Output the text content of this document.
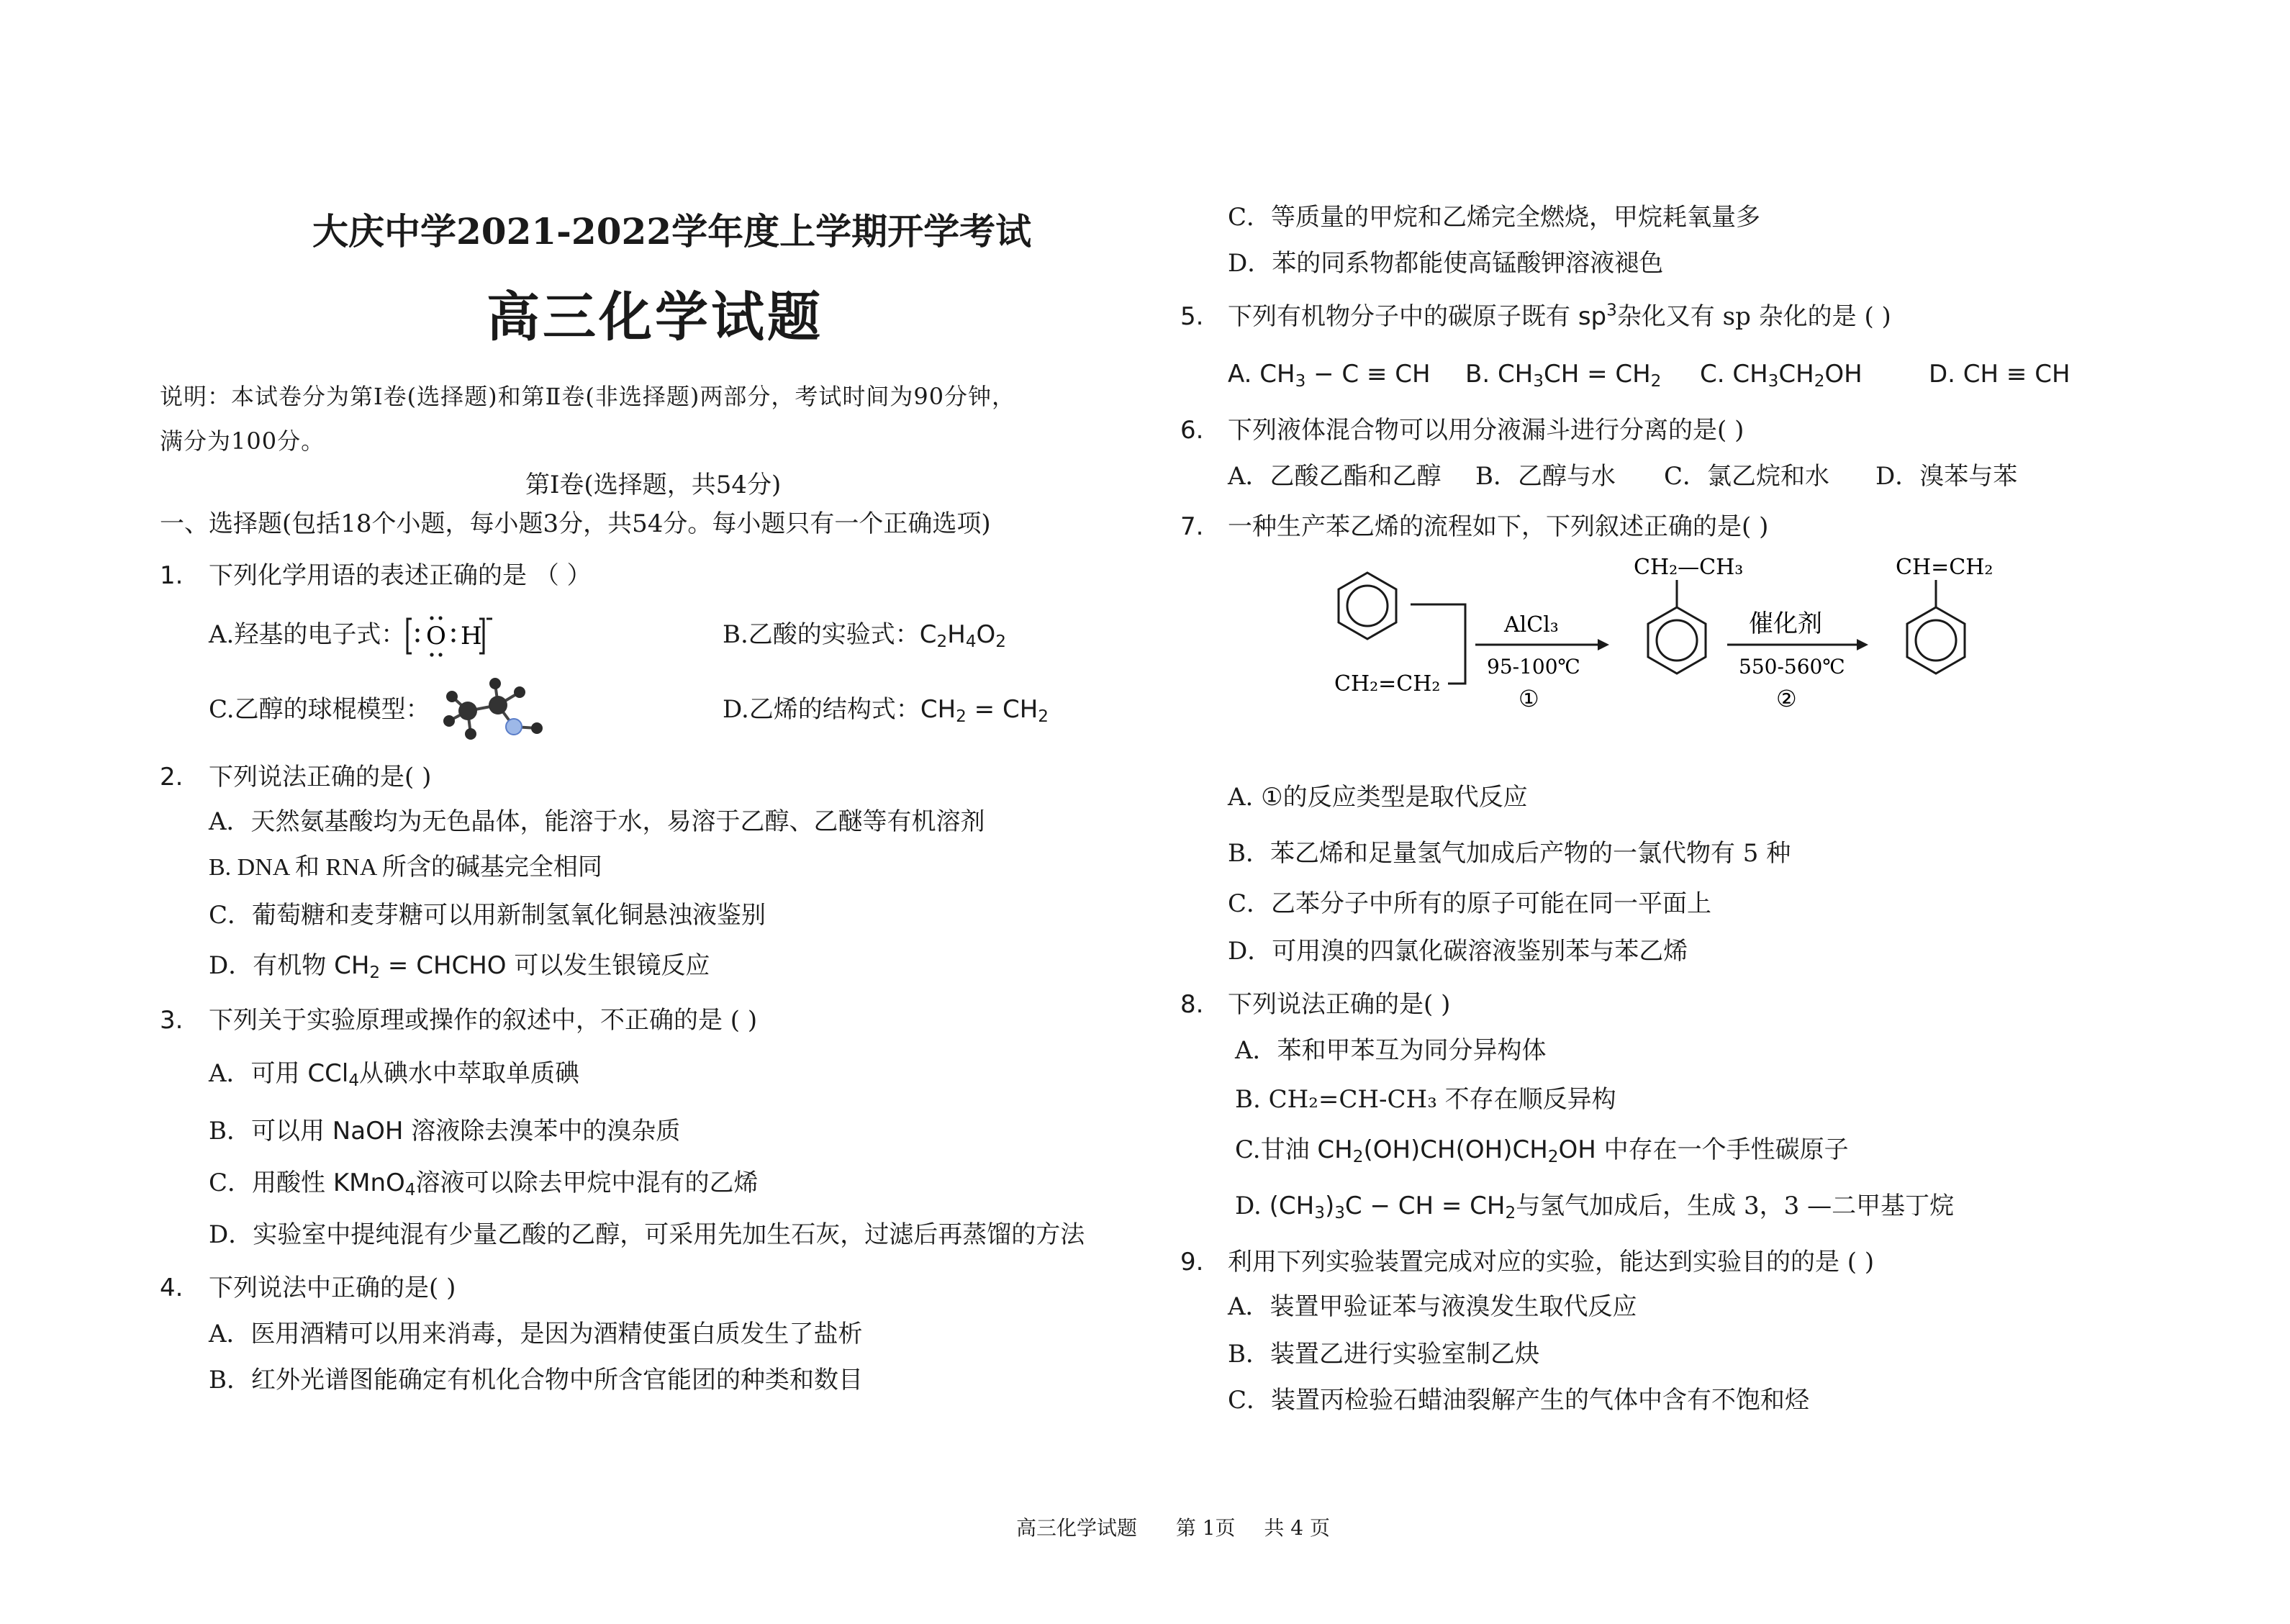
大庆中学2021-2022学年度上学期开学考试
高三化学试题
说明：本试卷分为第Ⅰ卷(选择题)和第Ⅱ卷(非选择题)两部分，考试时间为90分钟，
满分为100分。
第Ⅰ卷(选择题，共54分)
一、选择题(包括18个小题，每小题3分，共54分。每小题只有一个正确选项)
1. 下列化学用语的表述正确的是 （ ）
A.羟基的电子式： O H	B.乙酸的实验式：$C_2H_4O_2$
C.乙醇的球棍模型：	D.乙烯的结构式：$CH_2 = CH_2$
2. 下列说法正确的是( )
A．天然氨基酸均为无色晶体，能溶于水，易溶于乙醇、乙醚等有机溶剂
B. DNA 和 RNA 所含的碱基完全相同
C．葡萄糖和麦芽糖可以用新制氢氧化铜悬浊液鉴别
D．有机物 $CH_2$ = CHCHO 可以发生银镜反应
3. 下列关于实验原理或操作的叙述中，不正确的是 ( )
A．可用 CCl$_4$从碘水中萃取单质碘
B．可以用 NaOH 溶液除去溴苯中的溴杂质
C．用酸性 KMnO$_4$溶液可以除去甲烷中混有的乙烯
D．实验室中提纯混有少量乙酸的乙醇，可采用先加生石灰，过滤后再蒸馏的方法
4. 下列说法中正确的是( )
A．医用酒精可以用来消毒，是因为酒精使蛋白质发生了盐析
B．红外光谱图能确定有机化合物中所含官能团的种类和数目
C．等质量的甲烷和乙烯完全燃烧，甲烷耗氧量多
D．苯的同系物都能使高锰酸钾溶液褪色
5. 下列有机物分子中的碳原子既有 $sp^3$杂化又有 sp 杂化的是 ( )
A. $CH_3 - C$ ≡ CH B. $CH_3CH = CH_2$ C. $CH_3CH_2OH$	D. CH ≡ CH
6. 下列液体混合物可以用分液漏斗进行分离的是( )
A．乙酸乙酯和乙醇 B．乙醇与水 C．氯乙烷和水 D．溴苯与苯
7. 一种生产苯乙烯的流程如下，下列叙述正确的是( )
CH₂=CH₂
AlCl₃
95-100℃
①
CH₂—CH₃
催化剂
550-560℃
②
CH=CH₂
A. ①的反应类型是取代反应
B．苯乙烯和足量氢气加成后产物的一氯代物有 5 种
C．乙苯分子中所有的原子可能在同一平面上
D．可用溴的四氯化碳溶液鉴别苯与苯乙烯
8. 下列说法正确的是( )
A．苯和甲苯互为同分异构体
B. CH₂=CH-CH₃ 不存在顺反异构
C.甘油 $CH_2(OH)CH(OH)CH_2OH$ 中存在一个手性碳原子
D. $(CH_3)_3C$ − CH = $CH_2$与氢气加成后，生成 3，3 —二甲基丁烷
9. 利用下列实验装置完成对应的实验，能达到实验目的的是 ( )
A．装置甲验证苯与液溴发生取代反应
B．装置乙进行实验室制乙炔
C．装置丙检验石蜡油裂解产生的气体中含有不饱和烃
高三化学试题 第 1页 共 4 页
